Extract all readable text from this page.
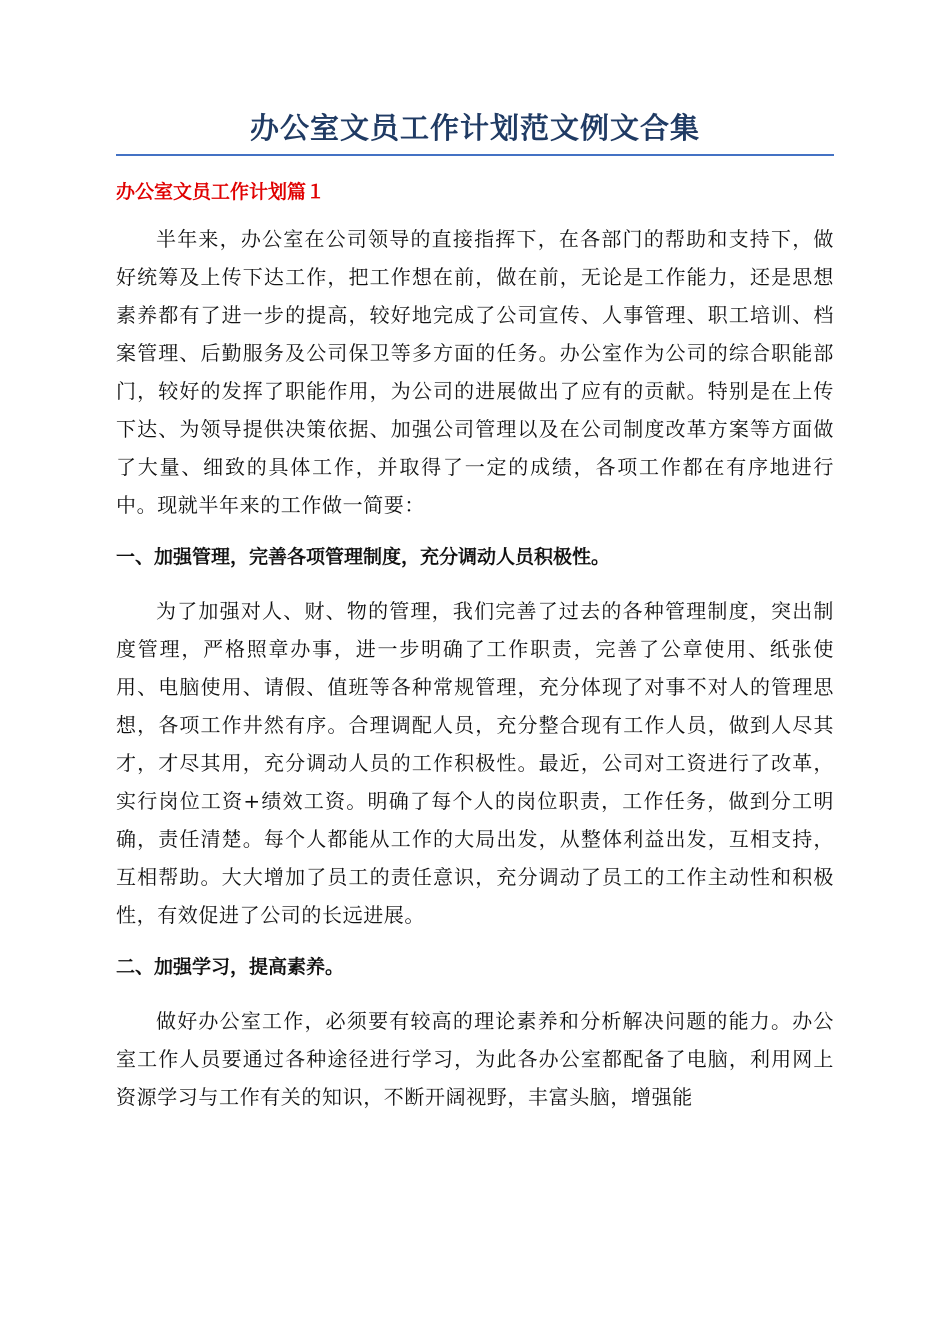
办公室文员工作计划范文例文合集
办公室文员工作计划篇１

半年来，办公室在公司领导的直接指挥下，在各部门的帮助和支持下，做好统筹及上传下达工作，把工作想在前，做在前，无论是工作能力，还是思想素养都有了进一步的提高，较好地完成了公司宣传、人事管理、职工培训、档案管理、后勤服务及公司保卫等多方面的任务。办公室作为公司的综合职能部门，较好的发挥了职能作用，为公司的进展做出了应有的贡献。特别是在上传下达、为领导提供决策依据、加强公司管理以及在公司制度改革方案等方面做了大量、细致的具体工作，并取得了一定的成绩，各项工作都在有序地进行中。现就半年来的工作做一简要：

一、加强管理，完善各项管理制度，充分调动人员积极性。

为了加强对人、财、物的管理，我们完善了过去的各种管理制度，突出制度管理，严格照章办事，进一步明确了工作职责，完善了公章使用、纸张使用、电脑使用、请假、值班等各种常规管理，充分体现了对事不对人的管理思想，各项工作井然有序。合理调配人员，充分整合现有工作人员，做到人尽其才，才尽其用，充分调动人员的工作积极性。最近，公司对工资进行了改革，实行岗位工资+绩效工资。明确了每个人的岗位职责，工作任务，做到分工明确，责任清楚。每个人都能从工作的大局出发，从整体利益出发，互相支持，互相帮助。大大增加了员工的责任意识，充分调动了员工的工作主动性和积极性，有效促进了公司的长远进展。

二、加强学习，提高素养。

做好办公室工作，必须要有较高的理论素养和分析解决问题的能力。办公室工作人员要通过各种途径进行学习，为此各办公室都配备了电脑，利用网上资源学习与工作有关的知识，不断开阔视野，丰富头脑，增强能
